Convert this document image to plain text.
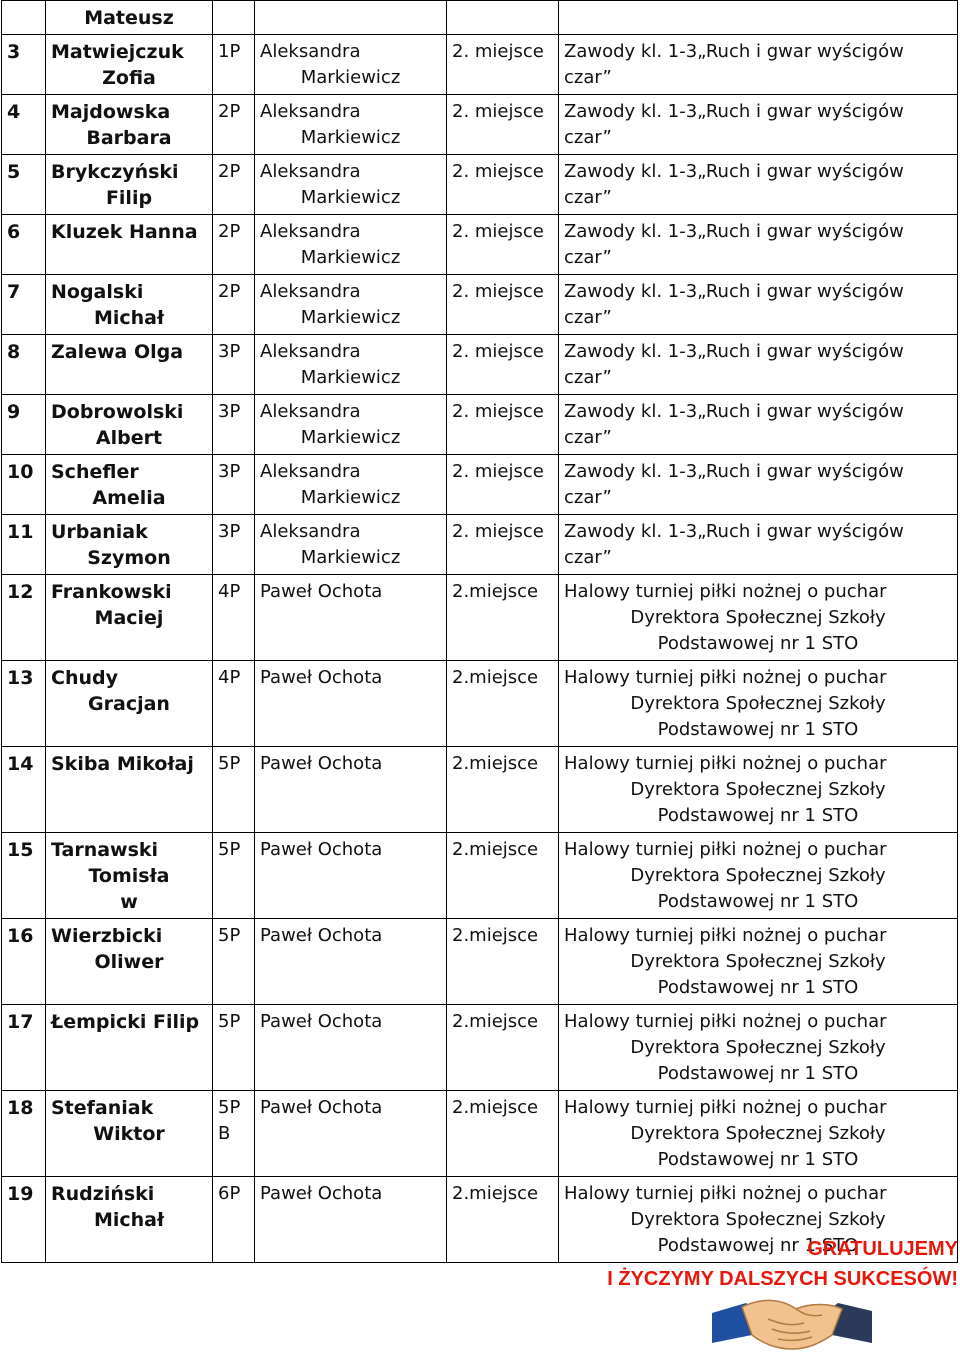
	Mateusz				

3	Matwiejczuk
Zofia	1P	Aleksandra
Markiewicz	2. miejsce	Zawody kl. 1-3„Ruch i gwar wyścigów czar”

4	Majdowska
Barbara	2P	Aleksandra
Markiewicz	2. miejsce	Zawody kl. 1-3„Ruch i gwar wyścigów czar”

5	Brykczyński
Filip	2P	Aleksandra
Markiewicz	2. miejsce	Zawody kl. 1-3„Ruch i gwar wyścigów czar”

6	Kluzek Hanna	2P	Aleksandra
Markiewicz	2. miejsce	Zawody kl. 1-3„Ruch i gwar wyścigów czar”

7	Nogalski
Michał	2P	Aleksandra
Markiewicz	2. miejsce	Zawody kl. 1-3„Ruch i gwar wyścigów czar”

8	Zalewa Olga	3P	Aleksandra
Markiewicz	2. miejsce	Zawody kl. 1-3„Ruch i gwar wyścigów czar”

9	Dobrowolski
Albert	3P	Aleksandra
Markiewicz	2. miejsce	Zawody kl. 1-3„Ruch i gwar wyścigów czar”

10	Schefler
Amelia	3P	Aleksandra
Markiewicz	2. miejsce	Zawody kl. 1-3„Ruch i gwar wyścigów czar”

11	Urbaniak
Szymon	3P	Aleksandra
Markiewicz	2. miejsce	Zawody kl. 1-3„Ruch i gwar wyścigów czar”

12	Frankowski
Maciej	4P	Paweł Ochota	2.miejsce	Halowy turniej piłki nożnej o puchar
Dyrektora Społecznej Szkoły
Podstawowej nr 1 STO

13	Chudy
Gracjan	4P	Paweł Ochota	2.miejsce	Halowy turniej piłki nożnej o puchar
Dyrektora Społecznej Szkoły
Podstawowej nr 1 STO

14	Skiba Mikołaj	5P	Paweł Ochota	2.miejsce	Halowy turniej piłki nożnej o puchar
Dyrektora Społecznej Szkoły
Podstawowej nr 1 STO

15	Tarnawski
Tomisła
w	5P	Paweł Ochota	2.miejsce	Halowy turniej piłki nożnej o puchar
Dyrektora Społecznej Szkoły
Podstawowej nr 1 STO

16	Wierzbicki
Oliwer	5P	Paweł Ochota	2.miejsce	Halowy turniej piłki nożnej o puchar
Dyrektora Społecznej Szkoły
Podstawowej nr 1 STO

17	Łempicki Filip	5P	Paweł Ochota	2.miejsce	Halowy turniej piłki nożnej o puchar
Dyrektora Społecznej Szkoły
Podstawowej nr 1 STO

18	Stefaniak
Wiktor	5P
B	Paweł Ochota	2.miejsce	Halowy turniej piłki nożnej o puchar
Dyrektora Społecznej Szkoły
Podstawowej nr 1 STO

19	Rudziński
Michał	6P	Paweł Ochota	2.miejsce	Halowy turniej piłki nożnej o puchar
Dyrektora Społecznej Szkoły
Podstawowej nr 1 STO
GRATULUJEMY
I ŻYCZYMY DALSZYCH SUKCESÓW!
